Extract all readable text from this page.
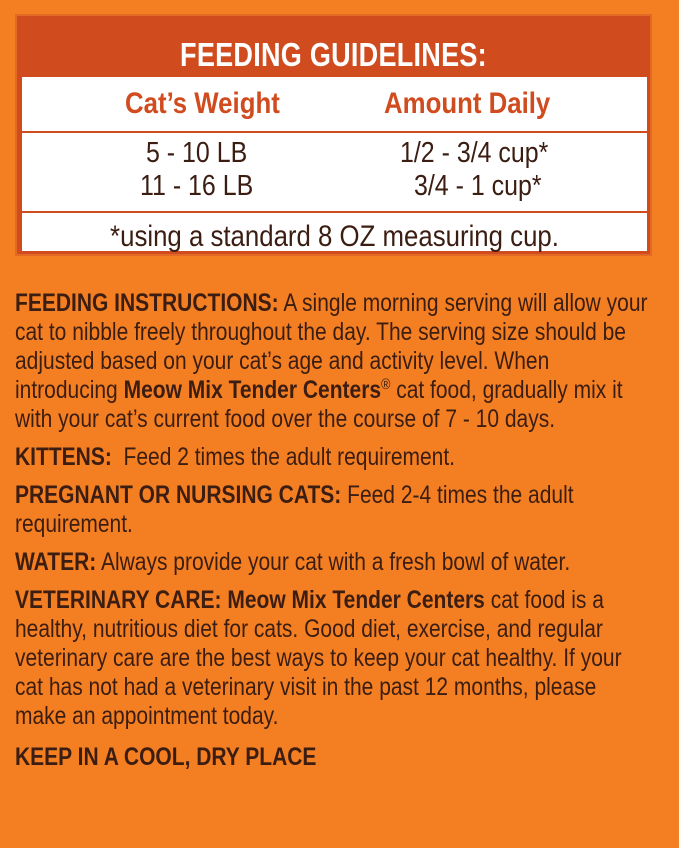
FEEDING GUIDELINES:
Cat’s Weight	Amount Daily
5 - 10 LB	1/2 - 3/4 cup*
11 - 16 LB	3/4 - 1 cup*
*using a standard 8 OZ measuring cup.

FEEDING INSTRUCTIONS: A single morning serving will allow your cat to nibble freely throughout the day. The serving size should be adjusted based on your cat’s age and activity level. When introducing Meow Mix Tender Centers® cat food, gradually mix it with your cat’s current food over the course of 7 - 10 days.

KITTENS:  Feed 2 times the adult requirement.

PREGNANT OR NURSING CATS: Feed 2-4 times the adult requirement.

WATER: Always provide your cat with a fresh bowl of water.

VETERINARY CARE: Meow Mix Tender Centers cat food is a healthy, nutritious diet for cats. Good diet, exercise, and regular veterinary care are the best ways to keep your cat healthy. If your cat has not had a veterinary visit in the past 12 months, please make an appointment today.

KEEP IN A COOL, DRY PLACE
